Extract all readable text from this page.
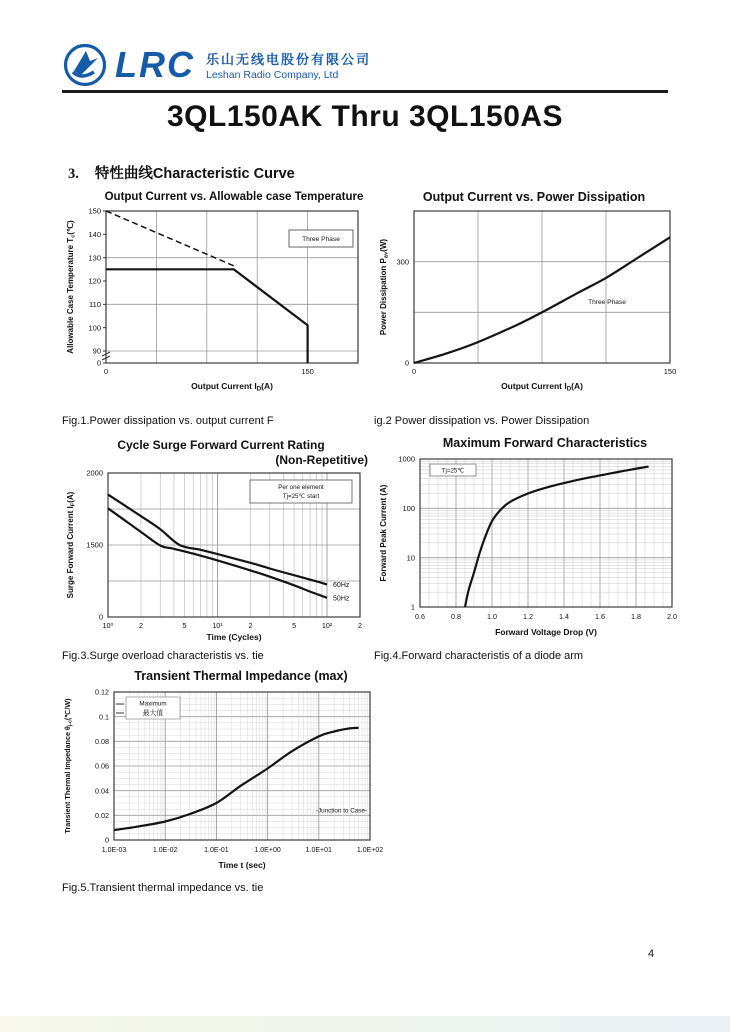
LRC 乐山无线电股份有限公司
Leshan Radio Company, Ltd
3QL150AK Thru 3QL150AS
3. 特性曲线Characteristic Curve
Output Current vs. Allowable case Temperature
0
90
100
110
120
130
140
150
0	150
Three Phase
Allowable Case Temperature $T_c(℃)$
Output Current $I_D(A)$
Output Current vs. Power Dissipation
0
300
0	150
Three Phase
Power Dissipation $P_{av}(W)$
Output Current $I_D(A)$
Fig.1.Power dissipation vs. output current F	ig.2 Power dissipation vs. Power Dissipation
Cycle Surge Forward Current Rating
(Non-Repetitive)
2000
1500
0
10⁰	2	5	10¹	2	5	10²	2
Per one element
Tj=25℃ start
60Hz
50Hz
Surge Forward Current $I_F(A)$
Time (Cycles)
Maximum Forward Characteristics
1
10
100
1000
0.6	0.8	1.0	1.2	1.4	1.6	1.8	2.0
Tj=25℃
Forward Peak Current (A)
Forward Voltage Drop (V)
Fig.3.Surge overload characteristis vs. tie	Fig.4.Forward characteristis of a diode arm
Transient Thermal Impedance (max)
0
0.02
0.04
0.06
0.08
0.1
0.12
1.0E-03	1.0E-02	1.0E-01	1.0E+00	1.0E+01	1.0E+02
Maximum
最大值
-Junction to Case-
Transient Thermal Impedance $\theta_{j-c}(℃/W)$
Time t (sec)
Fig.5.Transient thermal impedance vs. tie
4
